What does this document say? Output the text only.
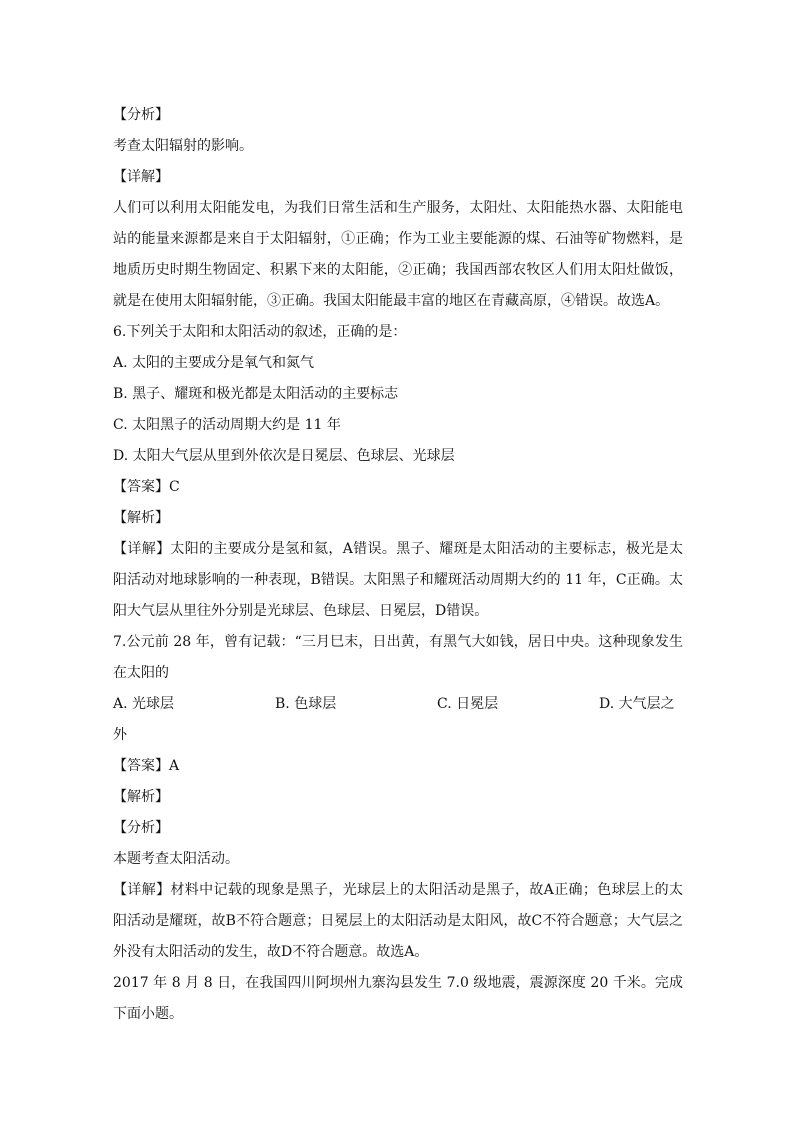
【分析】
考查太阳辐射的影响。
【详解】
人们可以利用太阳能发电，为我们日常生活和生产服务，太阳灶、太阳能热水器、太阳能电站的能量来源都是来自于太阳辐射，①正确；作为工业主要能源的煤、石油等矿物燃料，是地质历史时期生物固定、积累下来的太阳能，②正确；我国西部农牧区人们用太阳灶做饭，就是在使用太阳辐射能，③正确。我国太阳能最丰富的地区在青藏高原，④错误。故选A。
6.下列关于太阳和太阳活动的叙述，正确的是：
A. 太阳的主要成分是氧气和氮气
B. 黑子、耀斑和极光都是太阳活动的主要标志
C. 太阳黑子的活动周期大约是 11 年
D. 太阳大气层从里到外依次是日冕层、色球层、光球层
【答案】C
【解析】
【详解】太阳的主要成分是氢和氦，A错误。黑子、耀斑是太阳活动的主要标志，极光是太阳活动对地球影响的一种表现，B错误。太阳黑子和耀斑活动周期大约的 11 年，C正确。太阳大气层从里往外分别是光球层、色球层、日冕层，D错误。
7.公元前 28 年，曾有记载：“三月巳末，日出黄，有黑气大如钱，居日中央。这种现象发生在太阳的
A. 光球层	B. 色球层	C. 日冕层	D. 大气层之
外
【答案】A
【解析】
【分析】
本题考查太阳活动。
【详解】材料中记载的现象是黑子，光球层上的太阳活动是黑子，故A正确；色球层上的太阳活动是耀斑，故B不符合题意；日冕层上的太阳活动是太阳风，故C不符合题意；大气层之外没有太阳活动的发生，故D不符合题意。故选A。
2017 年 8 月 8 日，在我国四川阿坝州九寨沟县发生 7.0 级地震，震源深度 20 千米。完成下面小题。
